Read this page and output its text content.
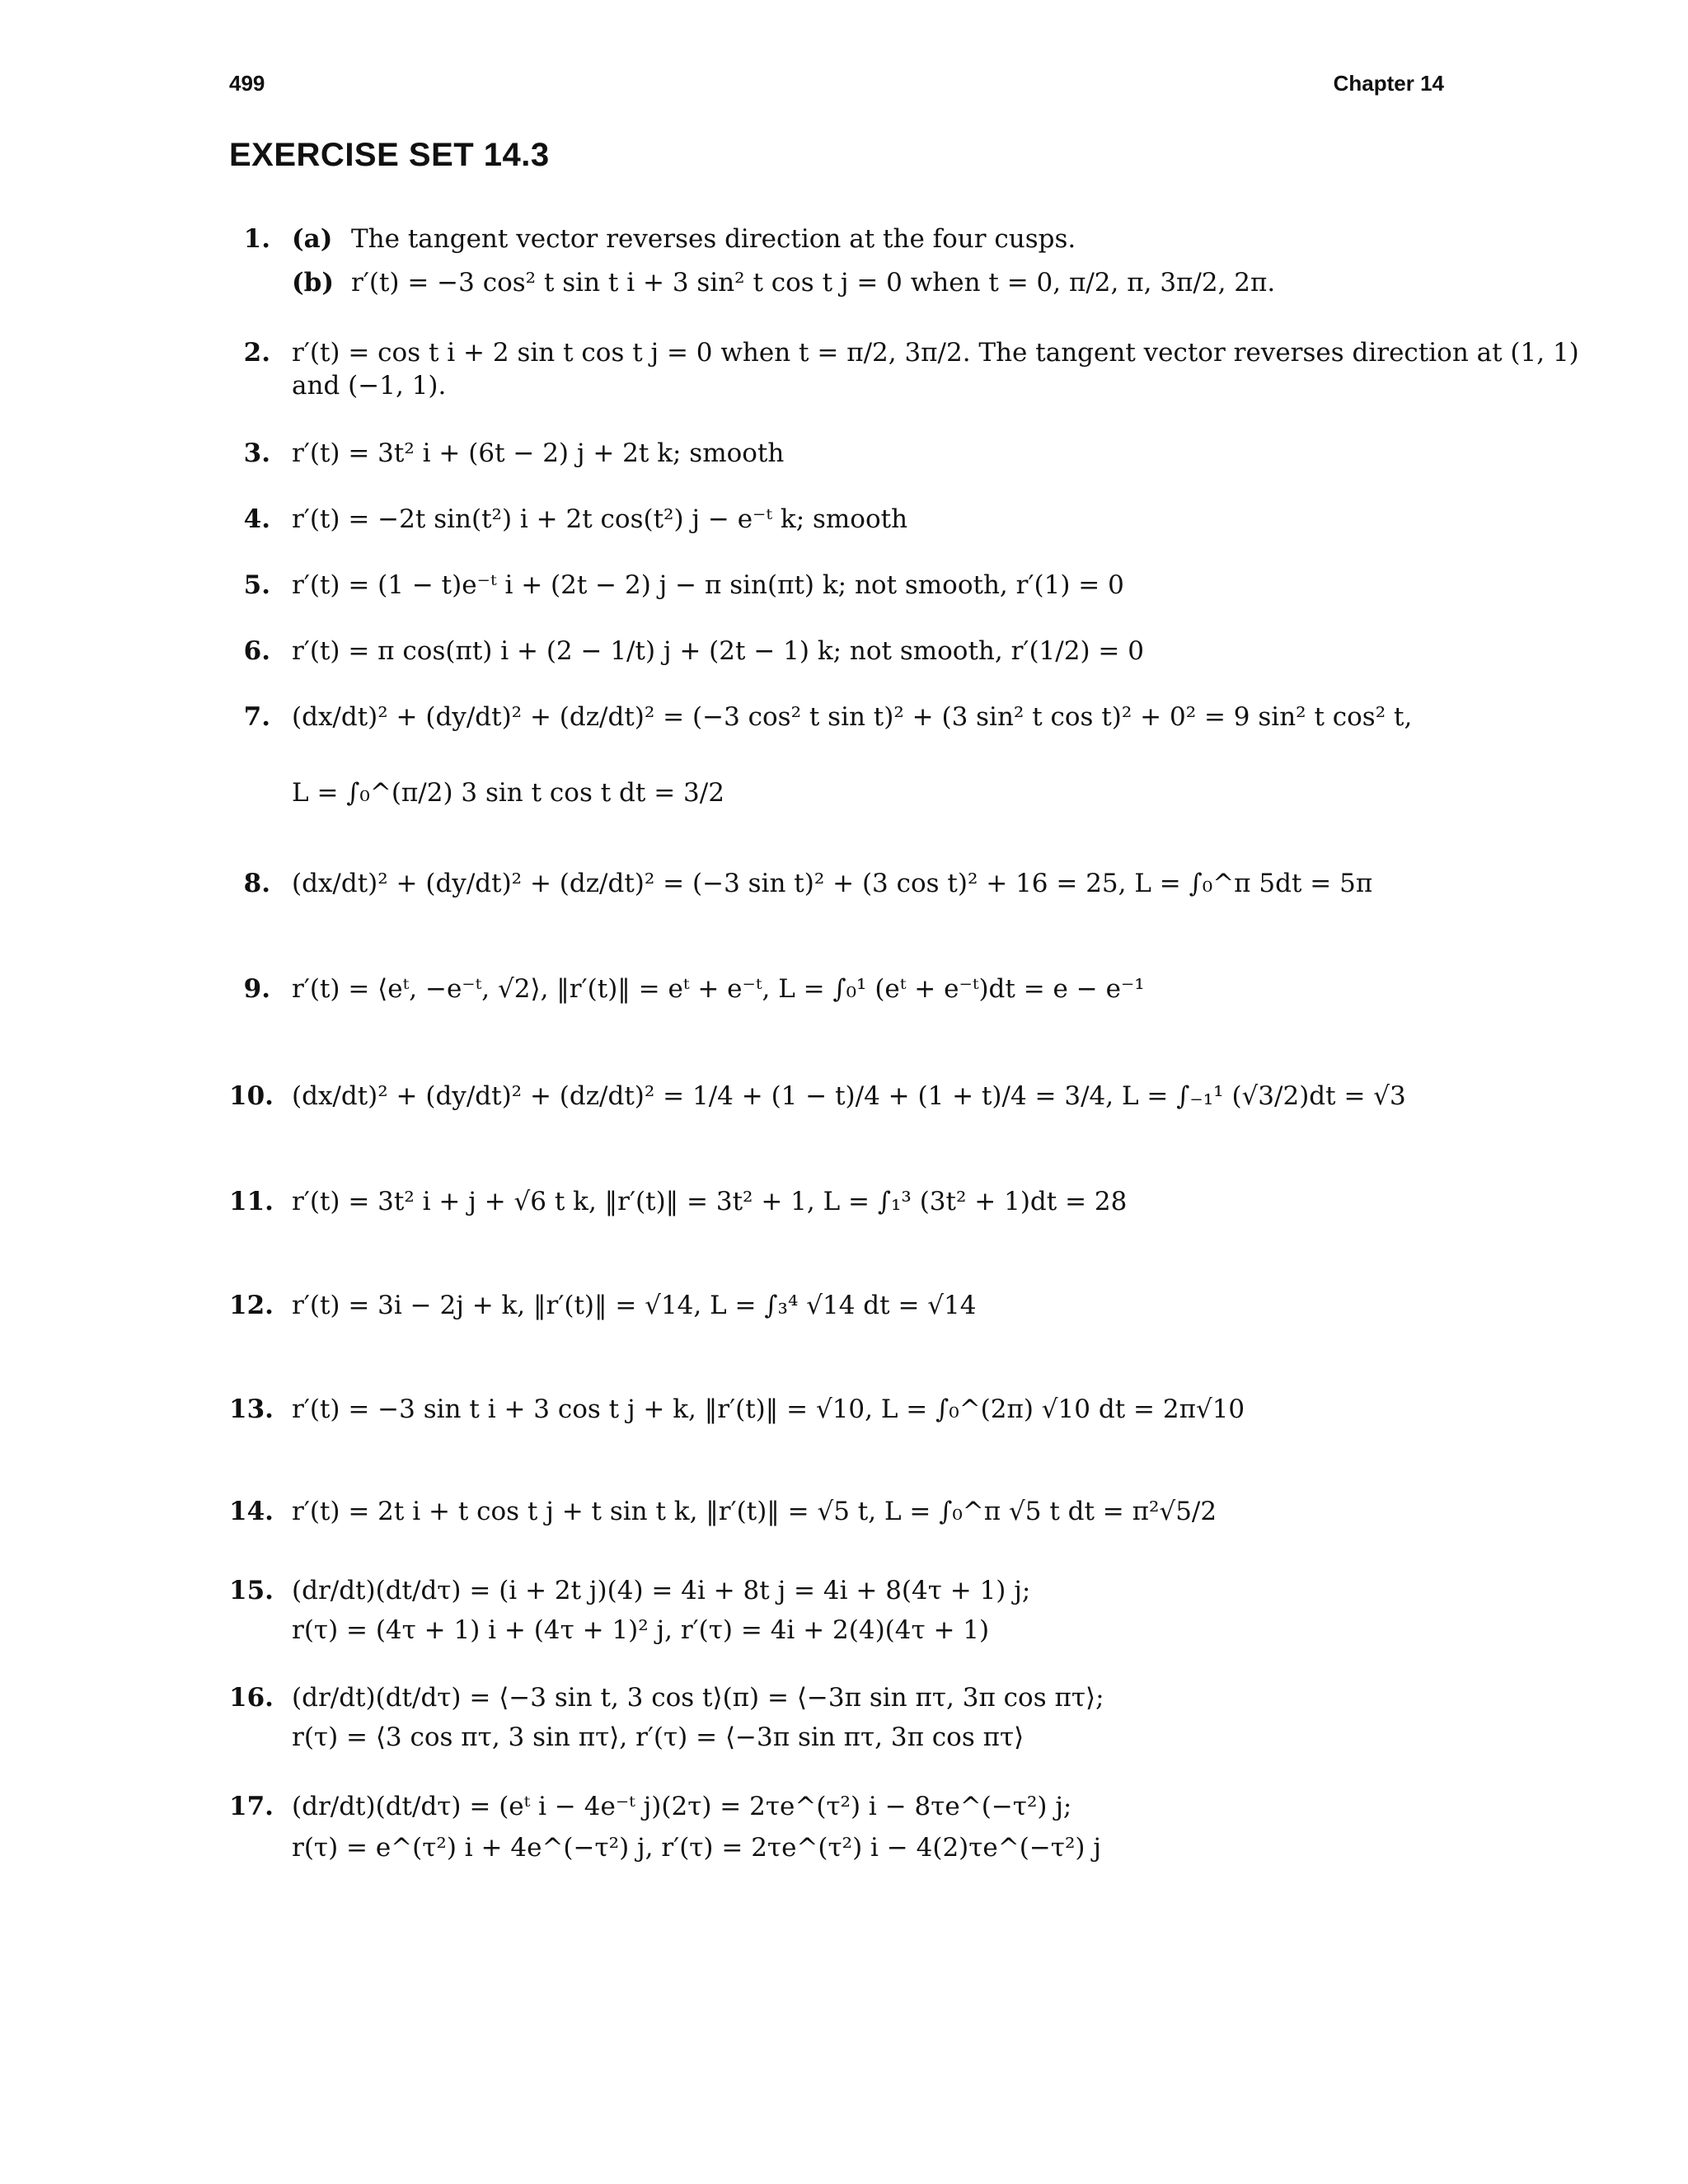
499	Chapter 14
EXERCISE SET 14.3
1. (a) The tangent vector reverses direction at the four cusps.
(b) r′(t) = −3 cos² t sin t i + 3 sin² t cos t j = 0 when t = 0, π/2, π, 3π/2, 2π.
2. r′(t) = cos t i + 2 sin t cos t j = 0 when t = π/2, 3π/2. The tangent vector reverses direction at (1, 1)
and (−1, 1).
3. r′(t) = 3t² i + (6t − 2) j + 2t k; smooth
4. r′(t) = −2t sin(t²) i + 2t cos(t²) j − e⁻ᵗ k; smooth
5. r′(t) = (1 − t)e⁻ᵗ i + (2t − 2) j − π sin(πt) k; not smooth, r′(1) = 0
6. r′(t) = π cos(πt) i + (2 − 1/t) j + (2t − 1) k; not smooth, r′(1/2) = 0
7. (dx/dt)² + (dy/dt)² + (dz/dt)² = (−3 cos² t sin t)² + (3 sin² t cos t)² + 0² = 9 sin² t cos² t,
L = ∫₀^(π/2) 3 sin t cos t dt = 3/2
8. (dx/dt)² + (dy/dt)² + (dz/dt)² = (−3 sin t)² + (3 cos t)² + 16 = 25, L = ∫₀^π 5dt = 5π
9. r′(t) = ⟨eᵗ, −e⁻ᵗ, √2⟩, ‖r′(t)‖ = eᵗ + e⁻ᵗ, L = ∫₀¹ (eᵗ + e⁻ᵗ)dt = e − e⁻¹
10. (dx/dt)² + (dy/dt)² + (dz/dt)² = 1/4 + (1 − t)/4 + (1 + t)/4 = 3/4, L = ∫₋₁¹ (√3/2)dt = √3
11. r′(t) = 3t² i + j + √6 t k, ‖r′(t)‖ = 3t² + 1, L = ∫₁³ (3t² + 1)dt = 28
12. r′(t) = 3i − 2j + k, ‖r′(t)‖ = √14, L = ∫₃⁴ √14 dt = √14
13. r′(t) = −3 sin t i + 3 cos t j + k, ‖r′(t)‖ = √10, L = ∫₀^(2π) √10 dt = 2π√10
14. r′(t) = 2t i + t cos t j + t sin t k, ‖r′(t)‖ = √5 t, L = ∫₀^π √5 t dt = π²√5/2
15. (dr/dt)(dt/dτ) = (i + 2t j)(4) = 4i + 8t j = 4i + 8(4τ + 1) j;
r(τ) = (4τ + 1) i + (4τ + 1)² j, r′(τ) = 4i + 2(4)(4τ + 1)
16. (dr/dt)(dt/dτ) = ⟨−3 sin t, 3 cos t⟩(π) = ⟨−3π sin πτ, 3π cos πτ⟩;
r(τ) = ⟨3 cos πτ, 3 sin πτ⟩, r′(τ) = ⟨−3π sin πτ, 3π cos πτ⟩
17. (dr/dt)(dt/dτ) = (eᵗ i − 4e⁻ᵗ j)(2τ) = 2τe^(τ²) i − 8τe^(−τ²) j;
r(τ) = e^(τ²) i + 4e^(−τ²) j, r′(τ) = 2τe^(τ²) i − 4(2)τe^(−τ²) j
